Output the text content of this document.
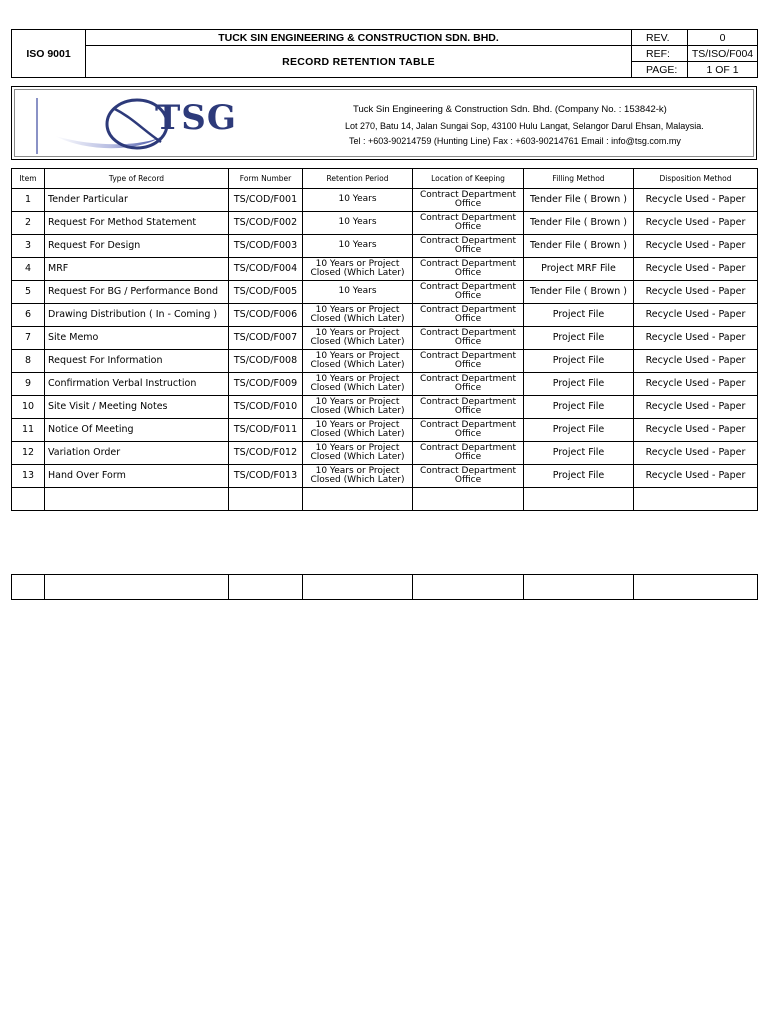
ISO 9001	TUCK SIN ENGINEERING & CONSTRUCTION SDN. BHD.	REV.	0
	RECORD RETENTION TABLE	REF:	TS/ISO/F004
		PAGE:	1 OF 1
TSG	Tuck Sin Engineering & Construction Sdn. Bhd. (Company No. : 153842-k)
Lot 270, Batu 14, Jalan Sungai Sop, 43100 Hulu Langat, Selangor Darul Ehsan, Malaysia.
Tel : +603-90214759 (Hunting Line) Fax : +603-90214761 Email : info@tsg.com.my
Item	Type of Record	Form Number	Retention Period	Location of Keeping	Filling Method	Disposition Method
1	Tender Particular	TS/COD/F001	10 Years	Contract Department Office	Tender File ( Brown )	Recycle Used - Paper
2	Request For Method Statement	TS/COD/F002	10 Years	Contract Department Office	Tender File ( Brown )	Recycle Used - Paper
3	Request For Design	TS/COD/F003	10 Years	Contract Department Office	Tender File ( Brown )	Recycle Used - Paper
4	MRF	TS/COD/F004	10 Years or Project Closed (Which Later)	Contract Department Office	Project MRF File	Recycle Used - Paper
5	Request For BG / Performance Bond	TS/COD/F005	10 Years	Contract Department Office	Tender File ( Brown )	Recycle Used - Paper
6	Drawing Distribution ( In - Coming )	TS/COD/F006	10 Years or Project Closed (Which Later)	Contract Department Office	Project File	Recycle Used - Paper
7	Site Memo	TS/COD/F007	10 Years or Project Closed (Which Later)	Contract Department Office	Project File	Recycle Used - Paper
8	Request For Information	TS/COD/F008	10 Years or Project Closed (Which Later)	Contract Department Office	Project File	Recycle Used - Paper
9	Confirmation Verbal Instruction	TS/COD/F009	10 Years or Project Closed (Which Later)	Contract Department Office	Project File	Recycle Used - Paper
10	Site Visit / Meeting Notes	TS/COD/F010	10 Years or Project Closed (Which Later)	Contract Department Office	Project File	Recycle Used - Paper
11	Notice Of Meeting	TS/COD/F011	10 Years or Project Closed (Which Later)	Contract Department Office	Project File	Recycle Used - Paper
12	Variation Order	TS/COD/F012	10 Years or Project Closed (Which Later)	Contract Department Office	Project File	Recycle Used - Paper
13	Hand Over Form	TS/COD/F013	10 Years or Project Closed (Which Later)	Contract Department Office	Project File	Recycle Used - Paper
